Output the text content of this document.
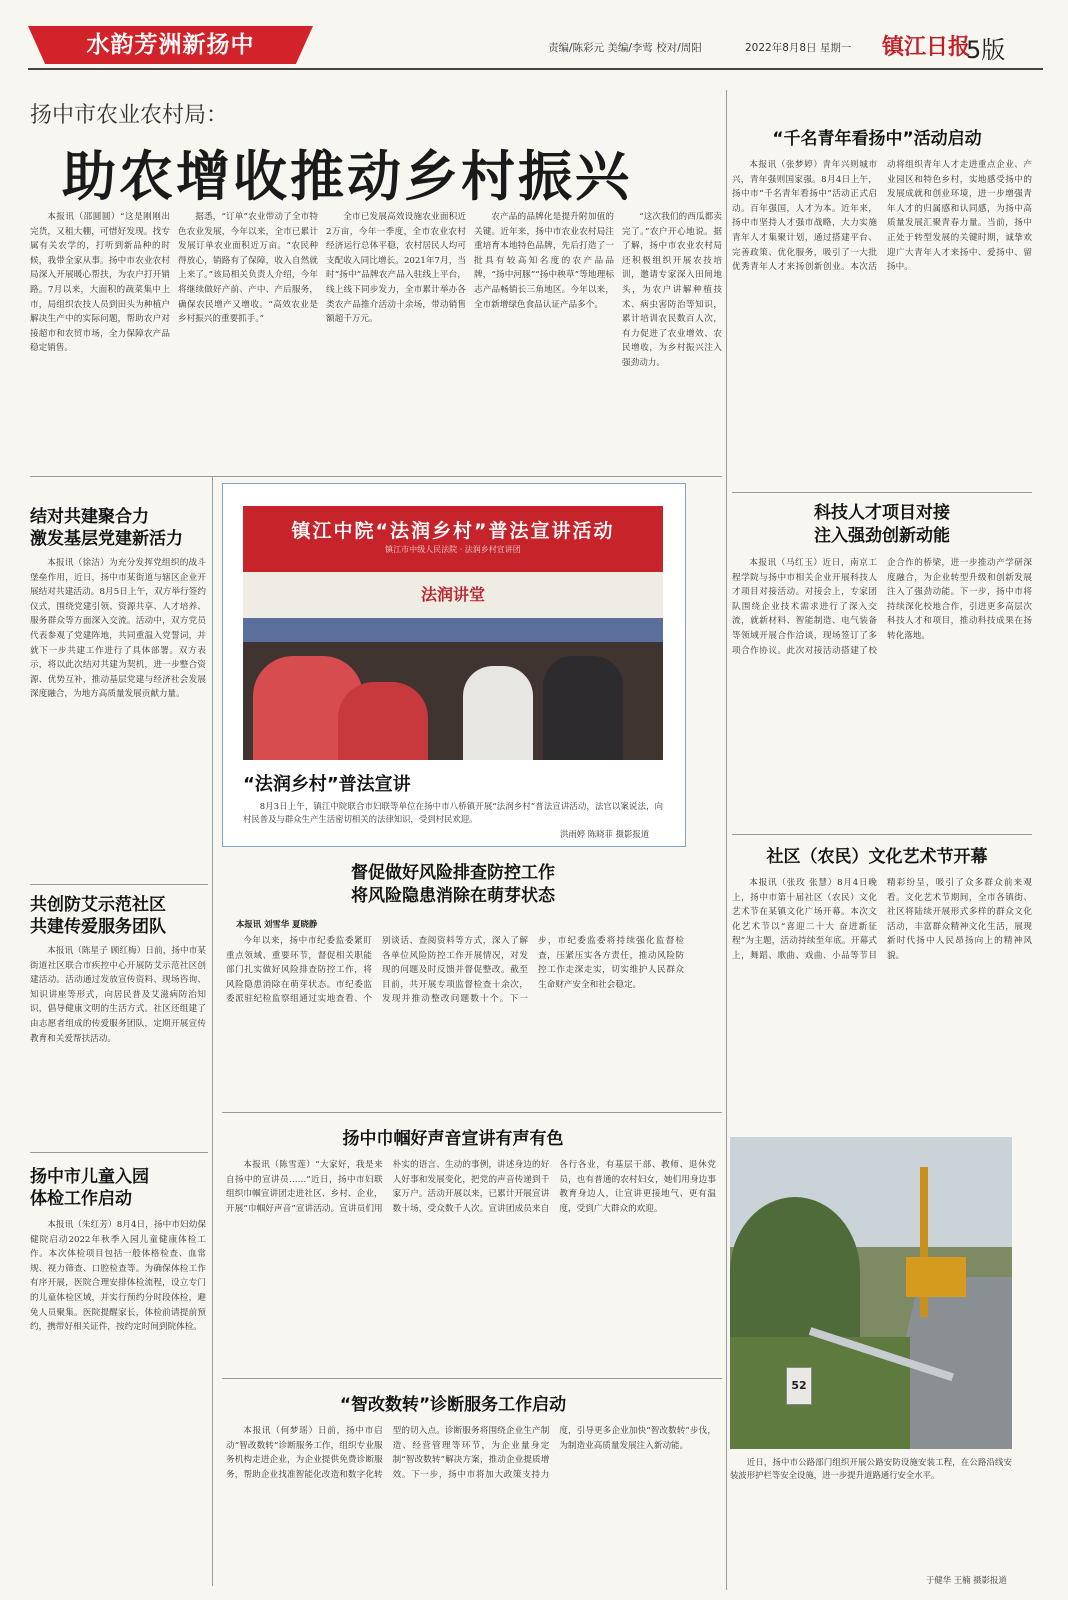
水韵芳洲新扬中	责编/陈彩元 美编/李莺 校对/周阳	2022年8月8日 星期一 镇江日报
5版
扬中市农业农村局：
助农增收推动乡村振兴

本报讯（邵圆圆）“这是刚刚出完货，又租大棚，可惜好发现。找专属有关农学的，打听到新品种的时候，我带全家从事。扬中市农业农村局深入开展暖心帮扶，为农户打开销路。7月以来，大面积的蔬菜集中上市，局组织农技人员到田头为种植户解决生产中的实际问题，帮助农户对接超市和农贸市场，全力保障农产品稳定销售。

据悉，“订单”农业带动了全市特色农业发展，今年以来，全市已累计发展订单农业面积近万亩。“农民种得放心，销路有了保障，收入自然就上来了。”该局相关负责人介绍，今年将继续做好产前、产中、产后服务，确保农民增产又增收。“高效农业是乡村振兴的重要抓手。”

全市已发展高效设施农业面积近2万亩，今年一季度，全市农业农村经济运行总体平稳，农村居民人均可支配收入同比增长。2021年7月，当时“扬中”品牌农产品入驻线上平台，线上线下同步发力，全市累计举办各类农产品推介活动十余场，带动销售额超千万元。

农产品的品牌化是提升附加值的关键。近年来，扬中市农业农村局注重培育本地特色品牌，先后打造了一批具有较高知名度的农产品品牌，“扬中河豚”“扬中秧草”等地理标志产品畅销长三角地区。今年以来，全市新增绿色食品认证产品多个。

“这次我们的西瓜都卖完了。”农户开心地说。据了解，扬中市农业农村局还积极组织开展农技培训，邀请专家深入田间地头，为农户讲解种植技术、病虫害防治等知识，累计培训农民数百人次，有力促进了农业增效、农民增收，为乡村振兴注入强劲动力。

结对共建聚合力
激发基层党建新活力

本报讯（徐洁）为充分发挥党组织的战斗堡垒作用，近日，扬中市某街道与辖区企业开展结对共建活动。8月5日上午，双方举行签约仪式，围绕党建引领、资源共享、人才培养、服务群众等方面深入交流。活动中，双方党员代表参观了党建阵地，共同重温入党誓词，并就下一步共建工作进行了具体部署。双方表示，将以此次结对共建为契机，进一步整合资源、优势互补，推动基层党建与经济社会发展深度融合，为地方高质量发展贡献力量。

共创防艾示范社区
共建传爱服务团队

本报讯（陈星子 顾红梅）日前，扬中市某街道社区联合市疾控中心开展防艾示范社区创建活动。活动通过发放宣传资料、现场咨询、知识讲座等形式，向居民普及艾滋病防治知识，倡导健康文明的生活方式。社区还组建了由志愿者组成的传爱服务团队，定期开展宣传教育和关爱帮扶活动。

扬中市儿童入园
体检工作启动

本报讯（朱红芳）8月4日，扬中市妇幼保健院启动2022年秋季入园儿童健康体检工作。本次体检项目包括一般体格检查、血常规、视力筛查、口腔检查等。为确保体检工作有序开展，医院合理安排体检流程，设立专门的儿童体检区域，并实行预约分时段体检，避免人员聚集。医院提醒家长，体检前请提前预约，携带好相关证件，按约定时间到院体检。

镇江中院“法润乡村”普法宣讲活动
镇江市中级人民法院 · 法润乡村宣讲团
法润讲堂
“法润乡村”普法宣讲

8月3日上午，镇江中院联合市妇联等单位在扬中市八桥镇开展“法润乡村”普法宣讲活动，法官以案说法，向村民普及与群众生产生活密切相关的法律知识，受到村民欢迎。

洪雨婷 陈晓菲 摄影报道
督促做好风险排查防控工作
将风险隐患消除在萌芽状态
本报讯 刘雪华 夏晓静

今年以来，扬中市纪委监委紧盯重点领域、重要环节，督促相关职能部门扎实做好风险排查防控工作，将风险隐患消除在萌芽状态。市纪委监委派驻纪检监察组通过实地查看、个别谈话、查阅资料等方式，深入了解各单位风险防控工作开展情况，对发现的问题及时反馈并督促整改。截至目前，共开展专项监督检查十余次，发现并推动整改问题数十个。下一步，市纪委监委将持续强化监督检查，压紧压实各方责任，推动风险防控工作走深走实，切实维护人民群众生命财产安全和社会稳定。

扬中巾帼好声音宣讲有声有色

本报讯（陈雪莲）“大家好，我是来自扬中的宣讲员……”近日，扬中市妇联组织巾帼宣讲团走进社区、乡村、企业，开展“巾帼好声音”宣讲活动。宣讲员们用朴实的语言、生动的事例，讲述身边的好人好事和发展变化，把党的声音传递到千家万户。活动开展以来，已累计开展宣讲数十场，受众数千人次。宣讲团成员来自各行各业，有基层干部、教师、退休党员，也有普通的农村妇女，她们用身边事教育身边人，让宣讲更接地气、更有温度，受到广大群众的欢迎。

“智改数转”诊断服务工作启动

本报讯（何梦瑶）日前，扬中市启动“智改数转”诊断服务工作，组织专业服务机构走进企业，为企业提供免费诊断服务，帮助企业找准智能化改造和数字化转型的切入点。诊断服务将围绕企业生产制造、经营管理等环节，为企业量身定制“智改数转”解决方案，推动企业提质增效。下一步，扬中市将加大政策支持力度，引导更多企业加快“智改数转”步伐，为制造业高质量发展注入新动能。

“千名青年看扬中”活动启动

本报讯（张梦婷）青年兴则城市兴，青年强则国家强。8月4日上午，扬中市“千名青年看扬中”活动正式启动。百年强国，人才为本。近年来，扬中市坚持人才强市战略，大力实施青年人才集聚计划，通过搭建平台、完善政策、优化服务，吸引了一大批优秀青年人才来扬创新创业。本次活动将组织青年人才走进重点企业、产业园区和特色乡村，实地感受扬中的发展成就和创业环境，进一步增强青年人才的归属感和认同感，为扬中高质量发展汇聚青春力量。当前，扬中正处于转型发展的关键时期，诚挚欢迎广大青年人才来扬中、爱扬中、留扬中。

科技人才项目对接
注入强劲创新动能

本报讯（马红玉）近日，南京工程学院与扬中市相关企业开展科技人才项目对接活动。对接会上，专家团队围绕企业技术需求进行了深入交流，就新材料、智能制造、电气装备等领域开展合作洽谈，现场签订了多项合作协议。此次对接活动搭建了校企合作的桥梁，进一步推动产学研深度融合，为企业转型升级和创新发展注入了强劲动能。下一步，扬中市将持续深化校地合作，引进更多高层次科技人才和项目，推动科技成果在扬转化落地。

社区（农民）文化艺术节开幕

本报讯（张玫 张慧）8月4日晚上，扬中市第十届社区（农民）文化艺术节在某镇文化广场开幕。本次文化艺术节以“喜迎二十大 奋进新征程”为主题，活动持续至年底。开幕式上，舞蹈、歌曲、戏曲、小品等节目精彩纷呈，吸引了众多群众前来观看。文化艺术节期间，全市各镇街、社区将陆续开展形式多样的群众文化活动，丰富群众精神文化生活，展现新时代扬中人民昂扬向上的精神风貌。

52

近日，扬中市公路部门组织开展公路安防设施安装工程，在公路沿线安装波形护栏等安全设施，进一步提升道路通行安全水平。

于健华 王楠 摄影报道
